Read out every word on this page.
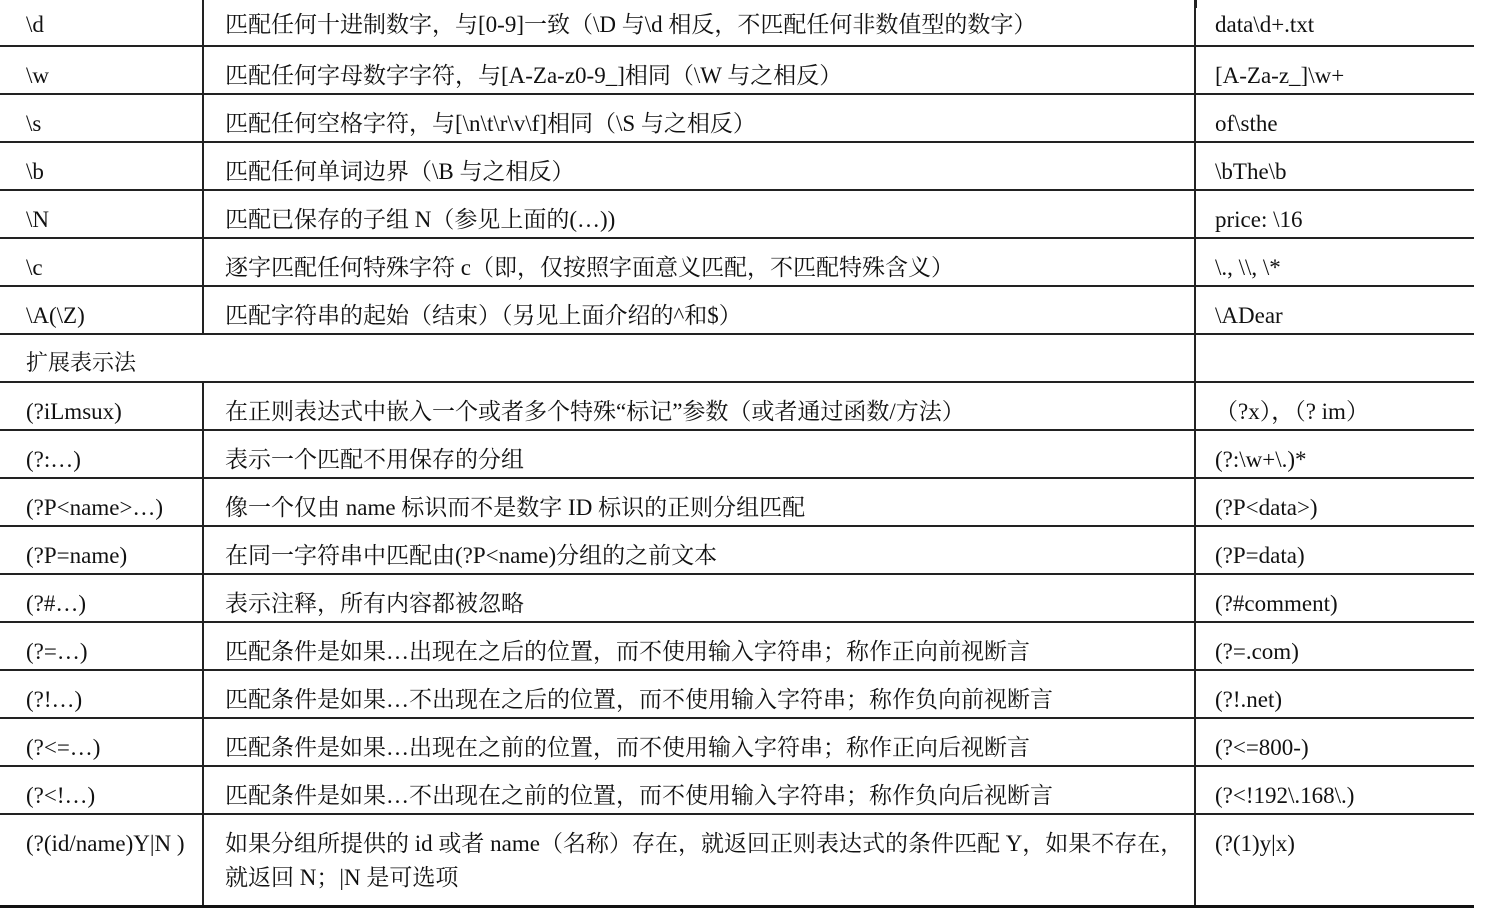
\d	匹配任何十进制数字，与[0-9]一致（\D 与\d 相反，不匹配任何非数值型的数字）	data\d+.txt
\w	匹配任何字母数字字符，与[A-Za-z0-9_]相同（\W 与之相反）	[A-Za-z_]\w+
\s	匹配任何空格字符，与[\n\t\r\v\f]相同（\S 与之相反）	of\sthe
\b	匹配任何单词边界（\B 与之相反）	\bThe\b
\N	匹配已保存的子组 N（参见上面的(…))	price: \16
\c	逐字匹配任何特殊字符 c（即，仅按照字面意义匹配，不匹配特殊含义）	\., \\, \*
\A(\Z)	匹配字符串的起始（结束）（另见上面介绍的^和$）	\ADear
扩展表示法		
(?iLmsux)	在正则表达式中嵌入一个或者多个特殊“标记”参数（或者通过函数/方法）	（?x），（? im）
(?:…)	表示一个匹配不用保存的分组	(?:\w+\.)*
(?P<name>…)	像一个仅由 name 标识而不是数字 ID 标识的正则分组匹配	(?P<data>)
(?P=name)	在同一字符串中匹配由(?P<name)分组的之前文本	(?P=data)
(?#…)	表示注释，所有内容都被忽略	(?#comment)
(?=…)	匹配条件是如果…出现在之后的位置，而不使用输入字符串；称作正向前视断言	(?=.com)
(?!…)	匹配条件是如果…不出现在之后的位置，而不使用输入字符串；称作负向前视断言	(?!.net)
(?<=…)	匹配条件是如果…出现在之前的位置，而不使用输入字符串；称作正向后视断言	(?<=800-)
(?<!…)	匹配条件是如果…不出现在之前的位置，而不使用输入字符串；称作负向后视断言	(?<!192\.168\.)
(?(id/name)Y|N )	如果分组所提供的 id 或者 name（名称）存在，就返回正则表达式的条件匹配 Y，如果不存在，就返回 N；|N 是可选项	(?(1)y|x)
